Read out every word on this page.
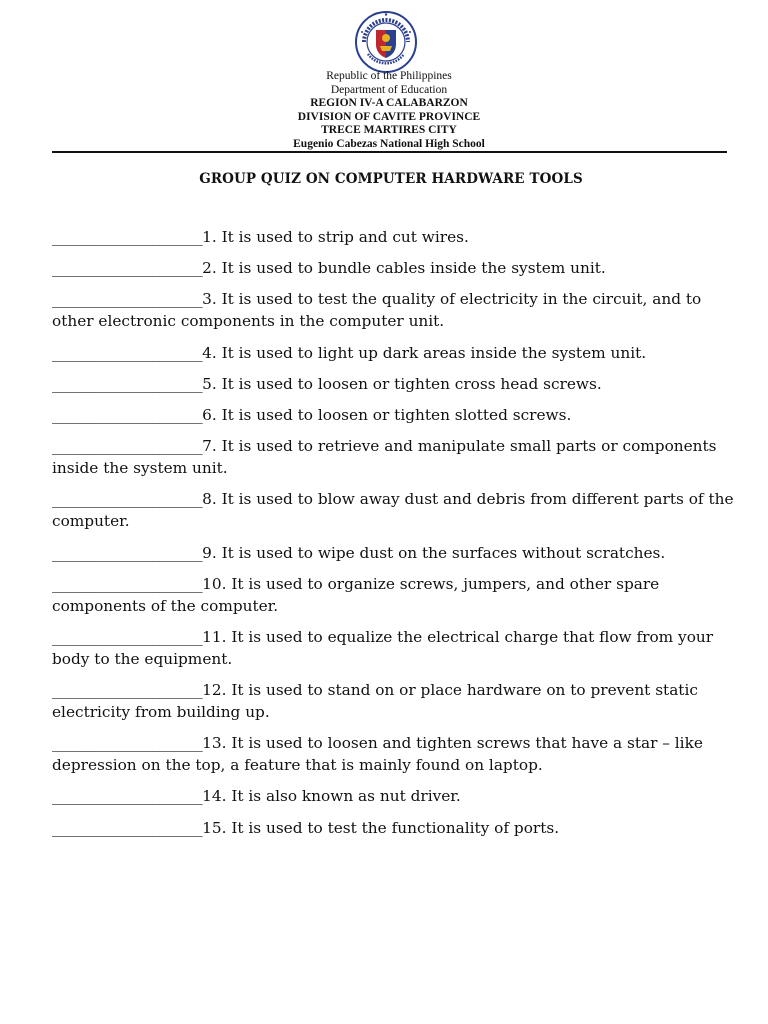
Republic of the Philippines
Department of Education
REGION IV-A CALABARZON
DIVISION OF CAVITE PROVINCE
TRECE MARTIRES CITY
Eugenio Cabezas National High School
GROUP QUIZ ON COMPUTER HARDWARE TOOLS
_____________________1. It is used to strip and cut wires.
_____________________2. It is used to bundle cables inside the system unit.
_____________________3. It is used to test the quality of electricity in the circuit, and to other electronic components in the computer unit.
_____________________4. It is used to light up dark areas inside the system unit.
_____________________5. It is used to loosen or tighten cross head screws.
_____________________6. It is used to loosen or tighten slotted screws.
_____________________7. It is used to retrieve and manipulate small parts or components inside the system unit.
_____________________8. It is used to blow away dust and debris from different parts of the computer.
_____________________9. It is used to wipe dust on the surfaces without scratches.
_____________________10. It is used to organize screws, jumpers, and other spare components of the computer.
_____________________11. It is used to equalize the electrical charge that flow from your body to the equipment.
_____________________12. It is used to stand on or place hardware on to prevent static electricity from building up.
_____________________13. It is used to loosen and tighten screws that have a star – like depression on the top, a feature that is mainly found on laptop.
_____________________14. It is also known as nut driver.
_____________________15. It is used to test the functionality of ports.
